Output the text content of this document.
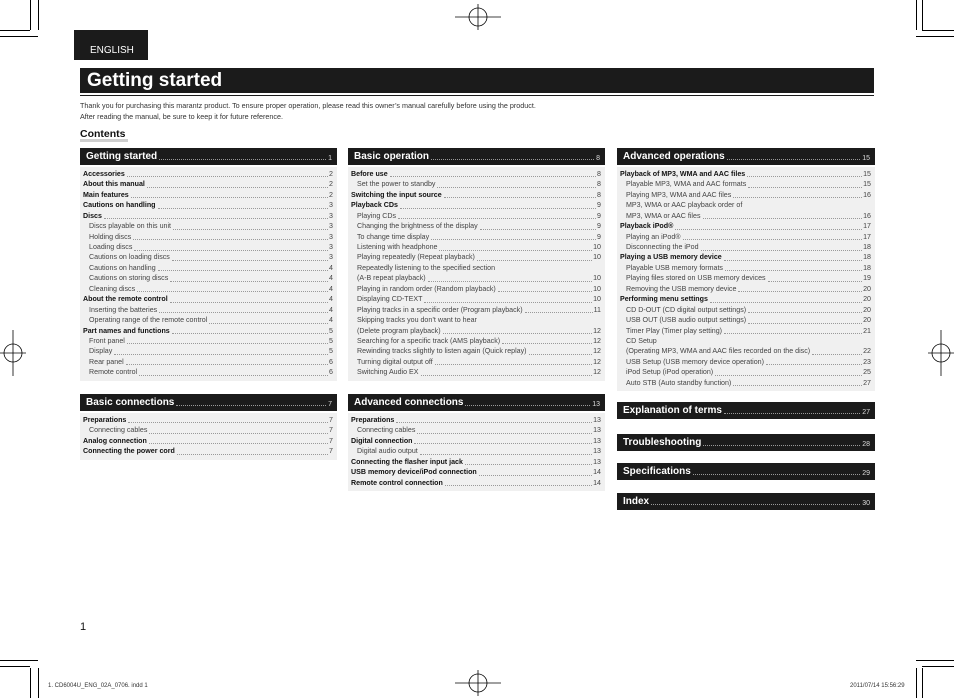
ENGLISH
Getting started
Thank you for purchasing this marantz product. To ensure proper operation, please read this owner’s manual carefully before using the product.
After reading the manual, be sure to keep it for future reference.
Contents
Getting started	1
Accessories	2
About this manual	2
Main features	2
Cautions on handling	3
Discs	3
Discs playable on this unit	3
Holding discs	3
Loading discs	3
Cautions on loading discs	3
Cautions on handling	4
Cautions on storing discs	4
Cleaning discs	4
About the remote control	4
Inserting the batteries	4
Operating range of the remote control	4
Part names and functions	5
Front panel	5
Display	5
Rear panel	6
Remote control	6
Basic connections	7
Preparations	7
Connecting cables	7
Analog connection	7
Connecting the power cord	7
Basic operation	8
Before use	8
Set the power to standby	8
Switching the input source	8
Playback CDs	9
Playing CDs	9
Changing the brightness of the display	9
To change time display	9
Listening with headphone	10
Playing repeatedly (Repeat playback)	10
Repeatedly listening to the specified section
(A-B repeat playback)	10
Playing in random order (Random playback)	10
Displaying CD-TEXT	10
Playing tracks in a specific order (Program playback)	11
Skipping tracks you don’t want to hear
(Delete program playback)	12
Searching for a specific track (AMS playback)	12
Rewinding tracks slightly to listen again (Quick replay)	12
Turning digital output off	12
Switching Audio EX	12
Advanced connections	13
Preparations	13
Connecting cables	13
Digital connection	13
Digital audio output	13
Connecting the flasher input jack	13
USB memory device/iPod connection	14
Remote control connection	14
Advanced operations	15
Playback of MP3, WMA and AAC files	15
Playable MP3, WMA and AAC formats	15
Playing MP3, WMA and AAC files	16
MP3, WMA or AAC playback order of
MP3, WMA or AAC files	16
Playback iPod®	17
Playing an iPod®	17
Disconnecting the iPod	18
Playing a USB memory device	18
Playable USB memory formats	18
Playing files stored on USB memory devices	19
Removing the USB memory device	20
Performing menu settings	20
CD D-OUT (CD digital output settings)	20
USB OUT (USB audio output settings)	20
Timer Play (Timer play setting)	21
CD Setup
(Operating MP3, WMA and AAC files recorded on the disc)	22
USB Setup (USB memory device operation)	23
iPod Setup (iPod operation)	25
Auto STB (Auto standby function)	27
Explanation of terms	27
Troubleshooting	28
Specifications	29
Index	30
1
1. CD6004U_ENG_02A_0706. indd 1	2011/07/14 15:56:29
